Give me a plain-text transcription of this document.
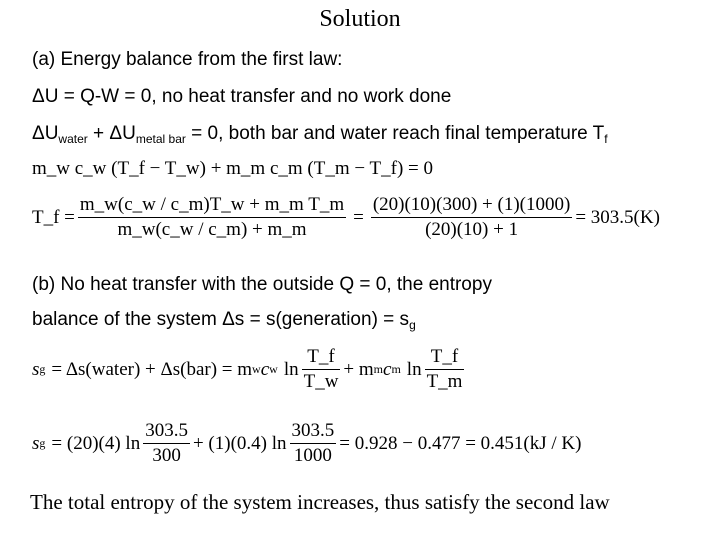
Solution
(a) Energy balance from the first law:
ΔU = Q-W = 0, no heat transfer and no work done
$\Delta U_{water} + \Delta U_{metal bar} = 0$, both bar and water reach final temperature $T_f$
m_w c_w (T_f − T_w) + m_m c_m (T_m − T_f) = 0
T_f = $\frac{\text{m\_w(c\_w / c\_m)T\_w + m\_m T\_m}}{m\_w(c\_w / c\_m) + m\_m} = \frac{(20)(10)(300) + (1)(1000)}{(20)(10) + 1} = 303.5(K)$
(b) No heat transfer with the outside Q = 0, the entropy
balance of the system Δs = s(generation) = $s_g$
s g = Δs(water) + Δs(bar) = m w c w $\ln \frac{T\_f}{T\_w} + m$ m c m $\ln \frac{T\_f}{T\_m}$
s g = (20)(4) $\ln \frac{303.5}{300} + (1)(0.4)$ $\ln \frac{303.5}{1000} = 0.928 - 0.477 = 0.451(kJ / K)$
The total entropy of the system increases, thus satisfy the second law
